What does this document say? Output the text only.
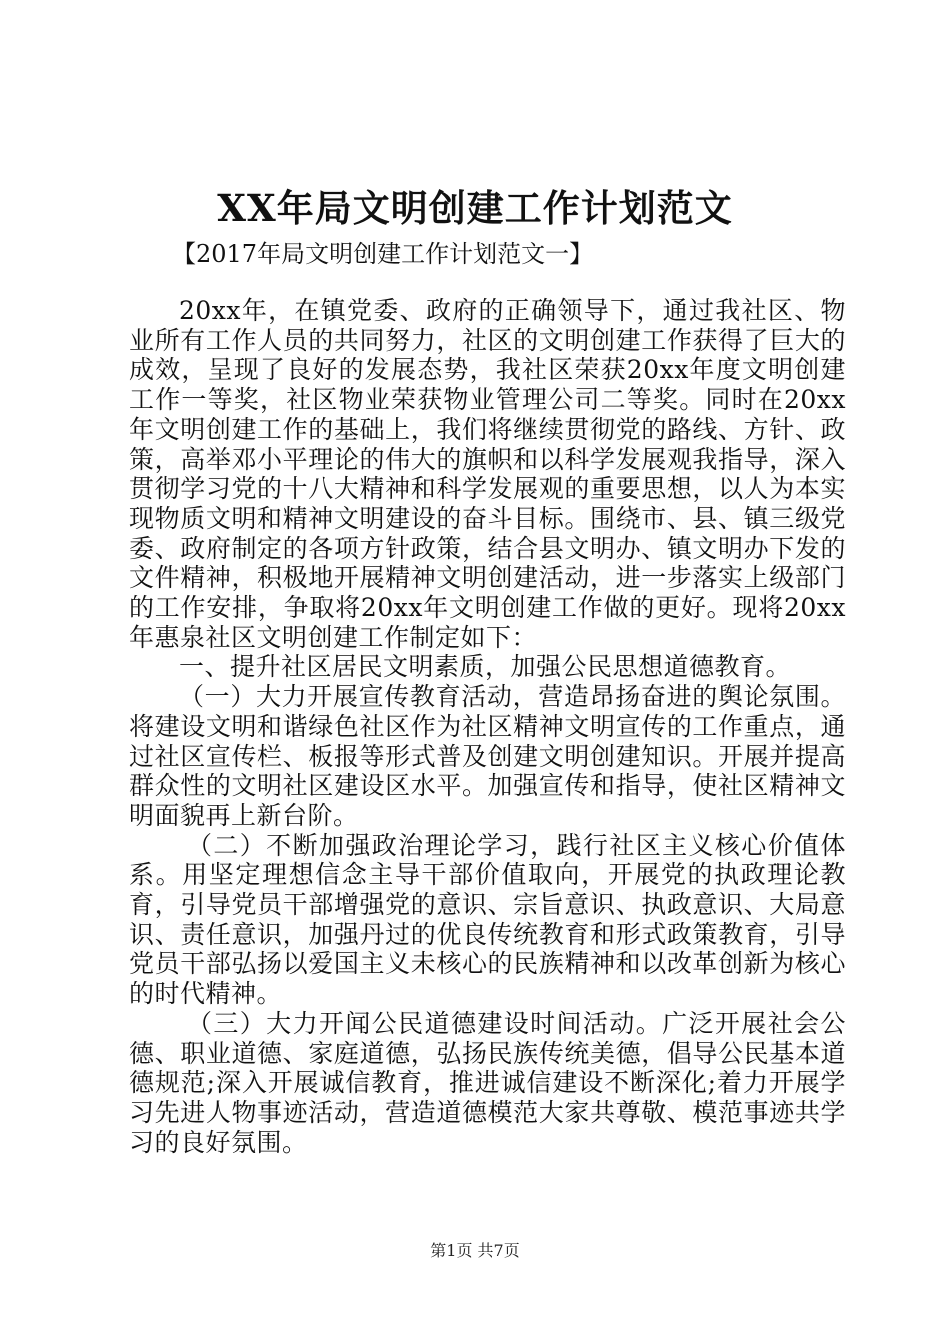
XX年局文明创建工作计划范文

【2017年局文明创建工作计划范文一】

20xx年，在镇党委、政府的正确领导下，通过我社区、物业所有工作人员的共同努力，社区的文明创建工作获得了巨大的成效，呈现了良好的发展态势，我社区荣获20xx年度文明创建工作一等奖，社区物业荣获物业管理公司二等奖。同时在20xx年文明创建工作的基础上，我们将继续贯彻党的路线、方针、政策，高举邓小平理论的伟大的旗帜和以科学发展观我指导，深入贯彻学习党的十八大精神和科学发展观的重要思想，以人为本实现物质文明和精神文明建设的奋斗目标。围绕市、县、镇三级党委、政府制定的各项方针政策，结合县文明办、镇文明办下发的文件精神，积极地开展精神文明创建活动，进一步落实上级部门的工作安排，争取将20xx年文明创建工作做的更好。现将20xx年惠泉社区文明创建工作制定如下：

一、提升社区居民文明素质，加强公民思想道德教育。

（一）大力开展宣传教育活动，营造昂扬奋进的舆论氛围。将建设文明和谐绿色社区作为社区精神文明宣传的工作重点，通过社区宣传栏、板报等形式普及创建文明创建知识。开展并提高群众性的文明社区建设区水平。加强宣传和指导，使社区精神文明面貌再上新台阶。

（二）不断加强政治理论学习，践行社区主义核心价值体系。用坚定理想信念主导干部价值取向，开展党的执政理论教育，引导党员干部增强党的意识、宗旨意识、执政意识、大局意识、责任意识，加强丹过的优良传统教育和形式政策教育，引导党员干部弘扬以爱国主义未核心的民族精神和以改革创新为核心的时代精神。

（三）大力开闻公民道德建设时间活动。广泛开展社会公德、职业道德、家庭道德，弘扬民族传统美德，倡导公民基本道德规范;深入开展诚信教育，推进诚信建设不断深化;着力开展学习先进人物事迹活动，营造道德模范大家共尊敬、模范事迹共学习的良好氛围。

第1页 共7页
